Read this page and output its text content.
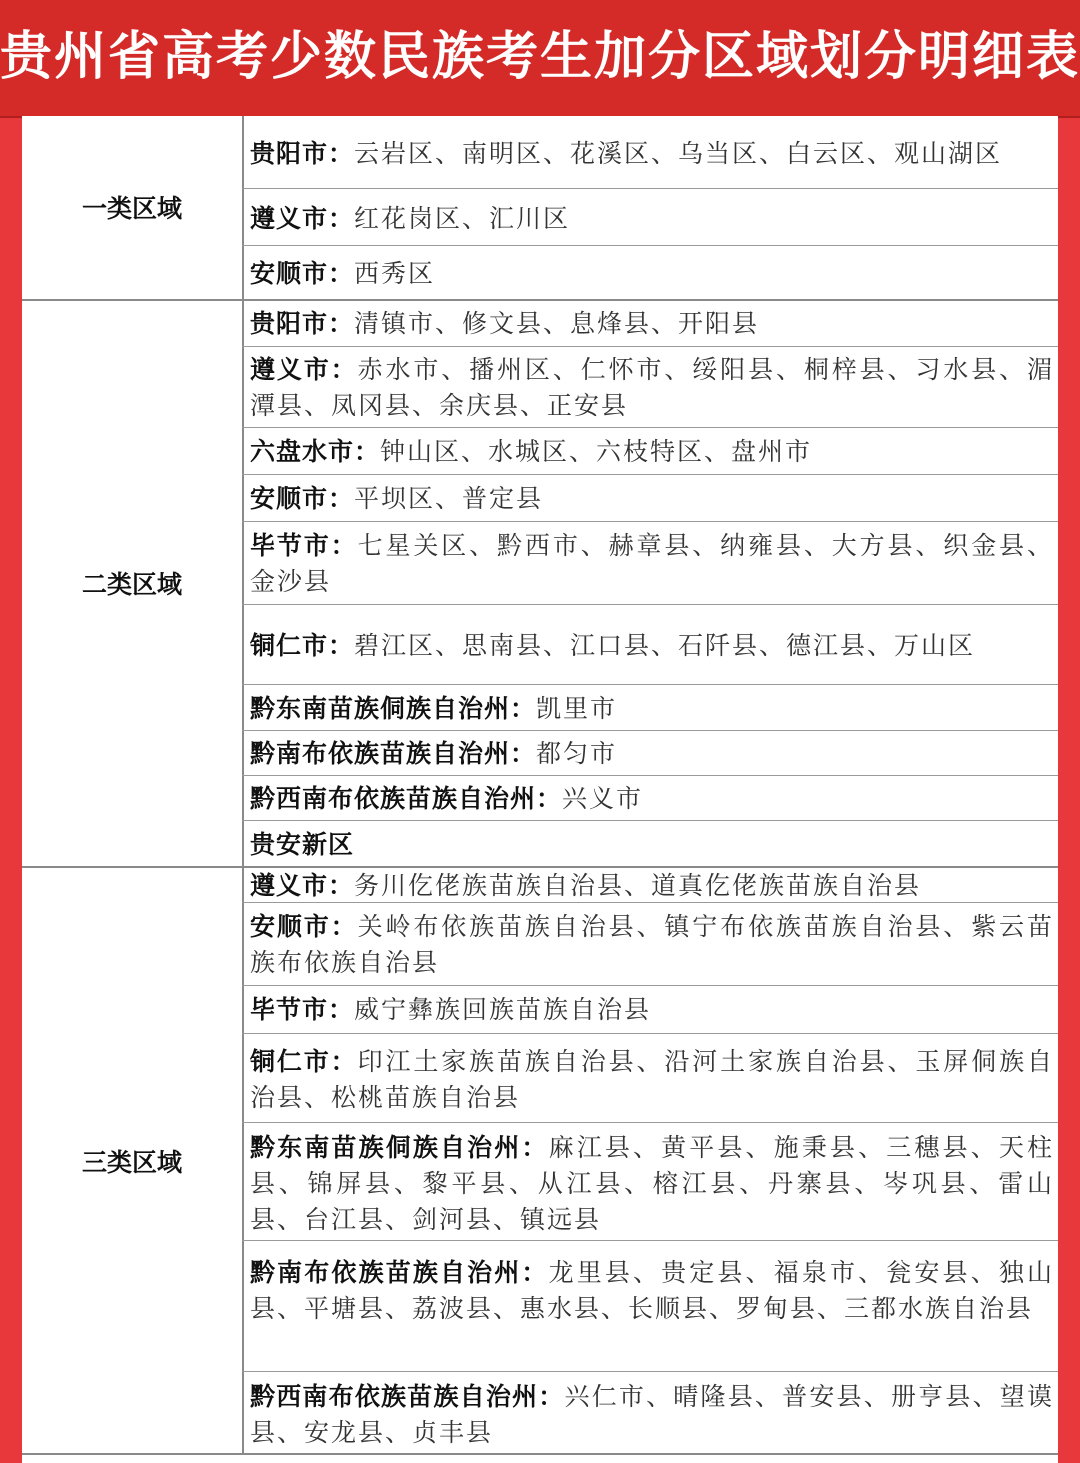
贵州省高考少数民族考生加分区域划分明细表
一类区域
二类区域
三类区域
贵阳市：云岩区、南明区、花溪区、乌当区、白云区、观山湖区
遵义市：红花岗区、汇川区
安顺市：西秀区
贵阳市：清镇市、修文县、息烽县、开阳县
遵义市：赤水市、播州区、仁怀市、绥阳县、桐梓县、习水县、湄潭县、凤冈县、余庆县、正安县
六盘水市：钟山区、水城区、六枝特区、盘州市
安顺市：平坝区、普定县
毕节市：七星关区、黔西市、赫章县、纳雍县、大方县、织金县、金沙县
铜仁市：碧江区、思南县、江口县、石阡县、德江县、万山区
黔东南苗族侗族自治州：凯里市
黔南布依族苗族自治州：都匀市
黔西南布依族苗族自治州：兴义市
贵安新区
遵义市：务川仡佬族苗族自治县、道真仡佬族苗族自治县
安顺市：关岭布依族苗族自治县、镇宁布依族苗族自治县、紫云苗族布依族自治县
毕节市：威宁彝族回族苗族自治县
铜仁市：印江土家族苗族自治县、沿河土家族自治县、玉屏侗族自治县、松桃苗族自治县
黔东南苗族侗族自治州：麻江县、黄平县、施秉县、三穗县、天柱县、锦屏县、黎平县、从江县、榕江县、丹寨县、岑巩县、雷山县、台江县、剑河县、镇远县
黔南布依族苗族自治州：龙里县、贵定县、福泉市、瓮安县、独山县、平塘县、荔波县、惠水县、长顺县、罗甸县、三都水族自治县
黔西南布依族苗族自治州：兴仁市、晴隆县、普安县、册亨县、望谟县、安龙县、贞丰县
